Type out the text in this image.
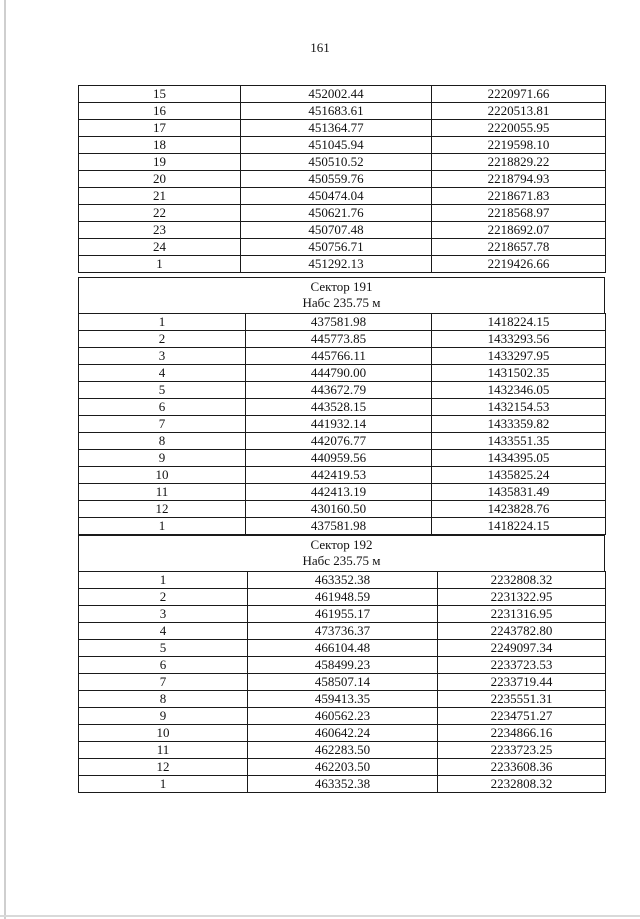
161
15	452002.44	2220971.66
16	451683.61	2220513.81
17	451364.77	2220055.95
18	451045.94	2219598.10
19	450510.52	2218829.22
20	450559.76	2218794.93
21	450474.04	2218671.83
22	450621.76	2218568.97
23	450707.48	2218692.07
24	450756.71	2218657.78
1	451292.13	2219426.66
Сектор 191
Набс 235.75 м
1	437581.98	1418224.15
2	445773.85	1433293.56
3	445766.11	1433297.95
4	444790.00	1431502.35
5	443672.79	1432346.05
6	443528.15	1432154.53
7	441932.14	1433359.82
8	442076.77	1433551.35
9	440959.56	1434395.05
10	442419.53	1435825.24
11	442413.19	1435831.49
12	430160.50	1423828.76
1	437581.98	1418224.15
Сектор 192
Набс 235.75 м
1	463352.38	2232808.32
2	461948.59	2231322.95
3	461955.17	2231316.95
4	473736.37	2243782.80
5	466104.48	2249097.34
6	458499.23	2233723.53
7	458507.14	2233719.44
8	459413.35	2235551.31
9	460562.23	2234751.27
10	460642.24	2234866.16
11	462283.50	2233723.25
12	462203.50	2233608.36
1	463352.38	2232808.32
